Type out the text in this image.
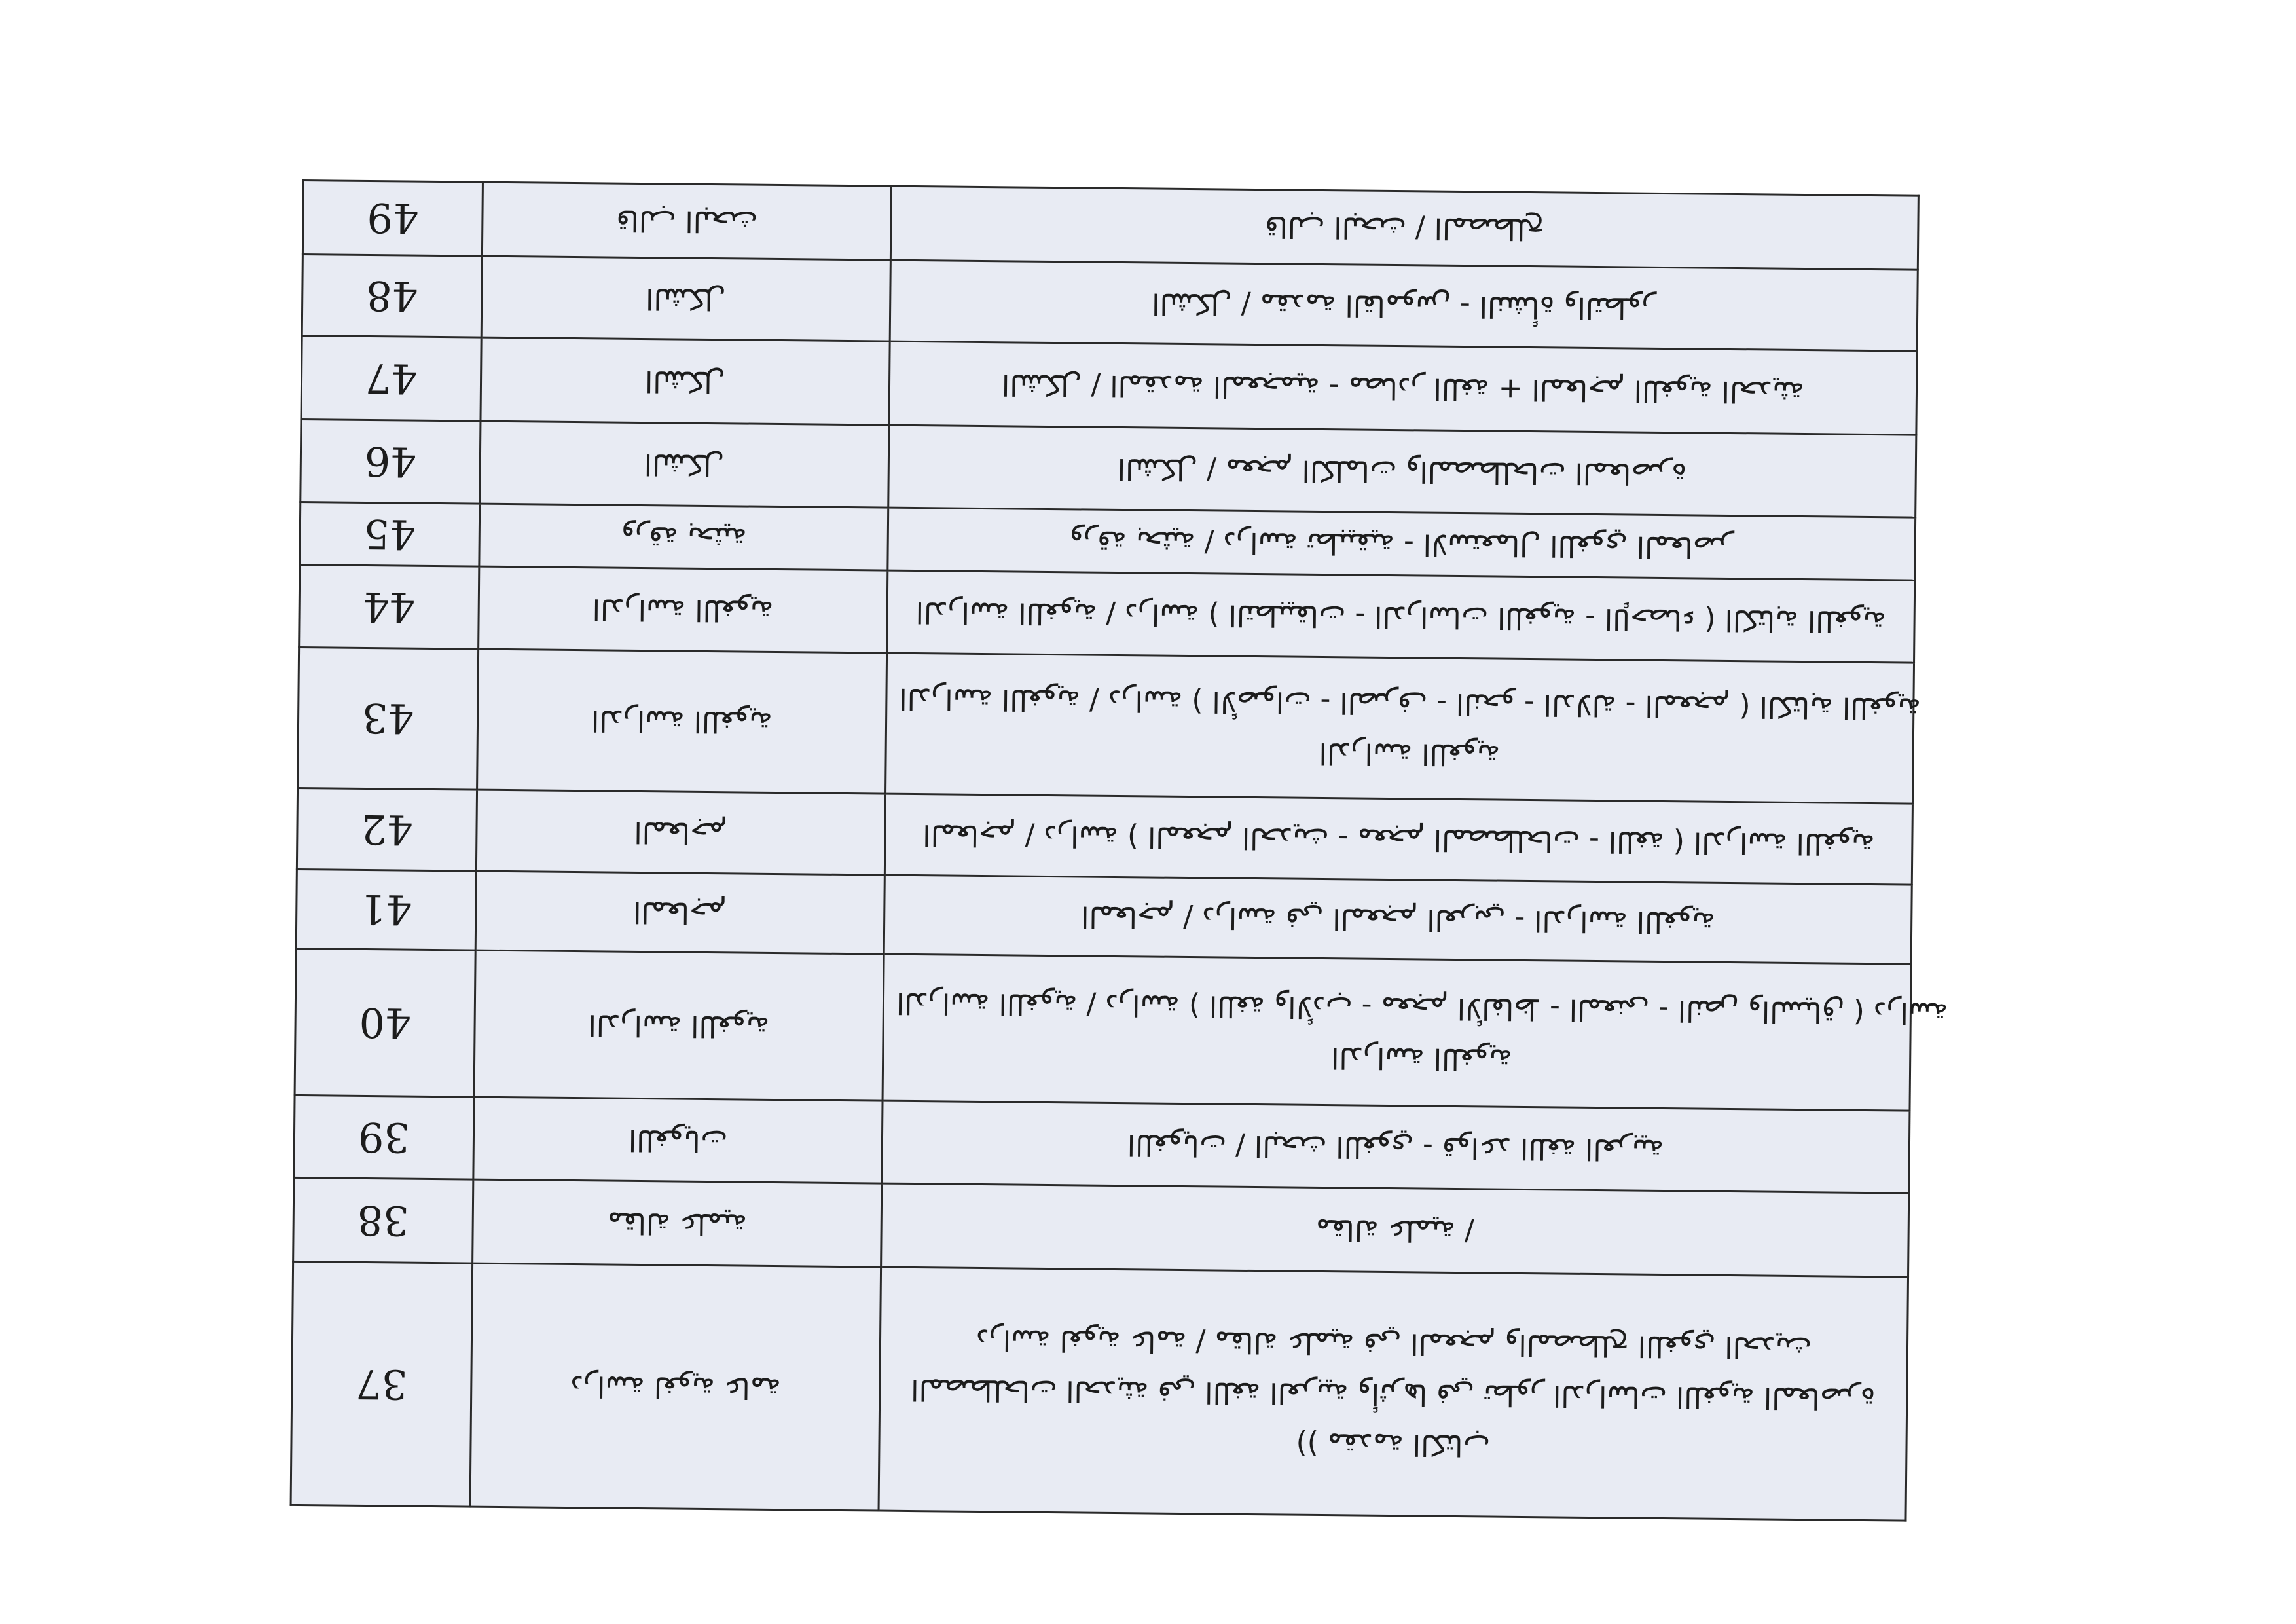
49	قالب البحث	قالب البحث / المصطلح
48	الشكل	الشكل / مقدمة القاموس - النشأة والتطور
47	الشكل	الشكل / المقدمة المعجمية - مصادر اللغة + المعاجم اللغوية الحديثة
46	الشكل	الشكل / معجم الكلمات والمصطلحات المعاصرة
45	ورقة بحثية	ورقة بحثية / دراسة تطبيقية - الاستعمال اللغوي المعاصر
44	الدراسة اللغوية	الدراسة اللغوية / دراسة ( التطبيقات - الدراسات اللغوية - الإحصاء ) الكتابة اللغوية
43	الدراسة اللغوية	الدراسة اللغوية
الدراسة اللغوية / دراسة ( الأصوات - الصرف - النحو - الدلالة - المعجم ) الكتابة اللغوية

42	المعاجم	المعاجم / دراسة ( المعجم الحديث - معجم المصطلحات - اللغة ) الدراسة اللغوية
41	المعاجم	المعاجم / دراسة في المعجم العربي - الدراسة اللغوية
40	الدراسة اللغوية	الدراسة اللغوية
الدراسة اللغوية / دراسة ( اللغة والأدب - معجم الألفاظ - المعنى - النص والسياق ) دراسة

39	اللغويات	اللغويات / البحث اللغوي - قواعد اللغة العربية
38	مقالة علمية	مقالة علمية /
37	دراسة لغوية عامة	(( مقدمة الكتاب
المصطلحات الحديثة في اللغة العربية وأثرها في تطور الدراسات اللغوية المعاصرة
دراسة لغوية عامة / مقالة علمية في المعجم والمصطلح اللغوي الحديث
